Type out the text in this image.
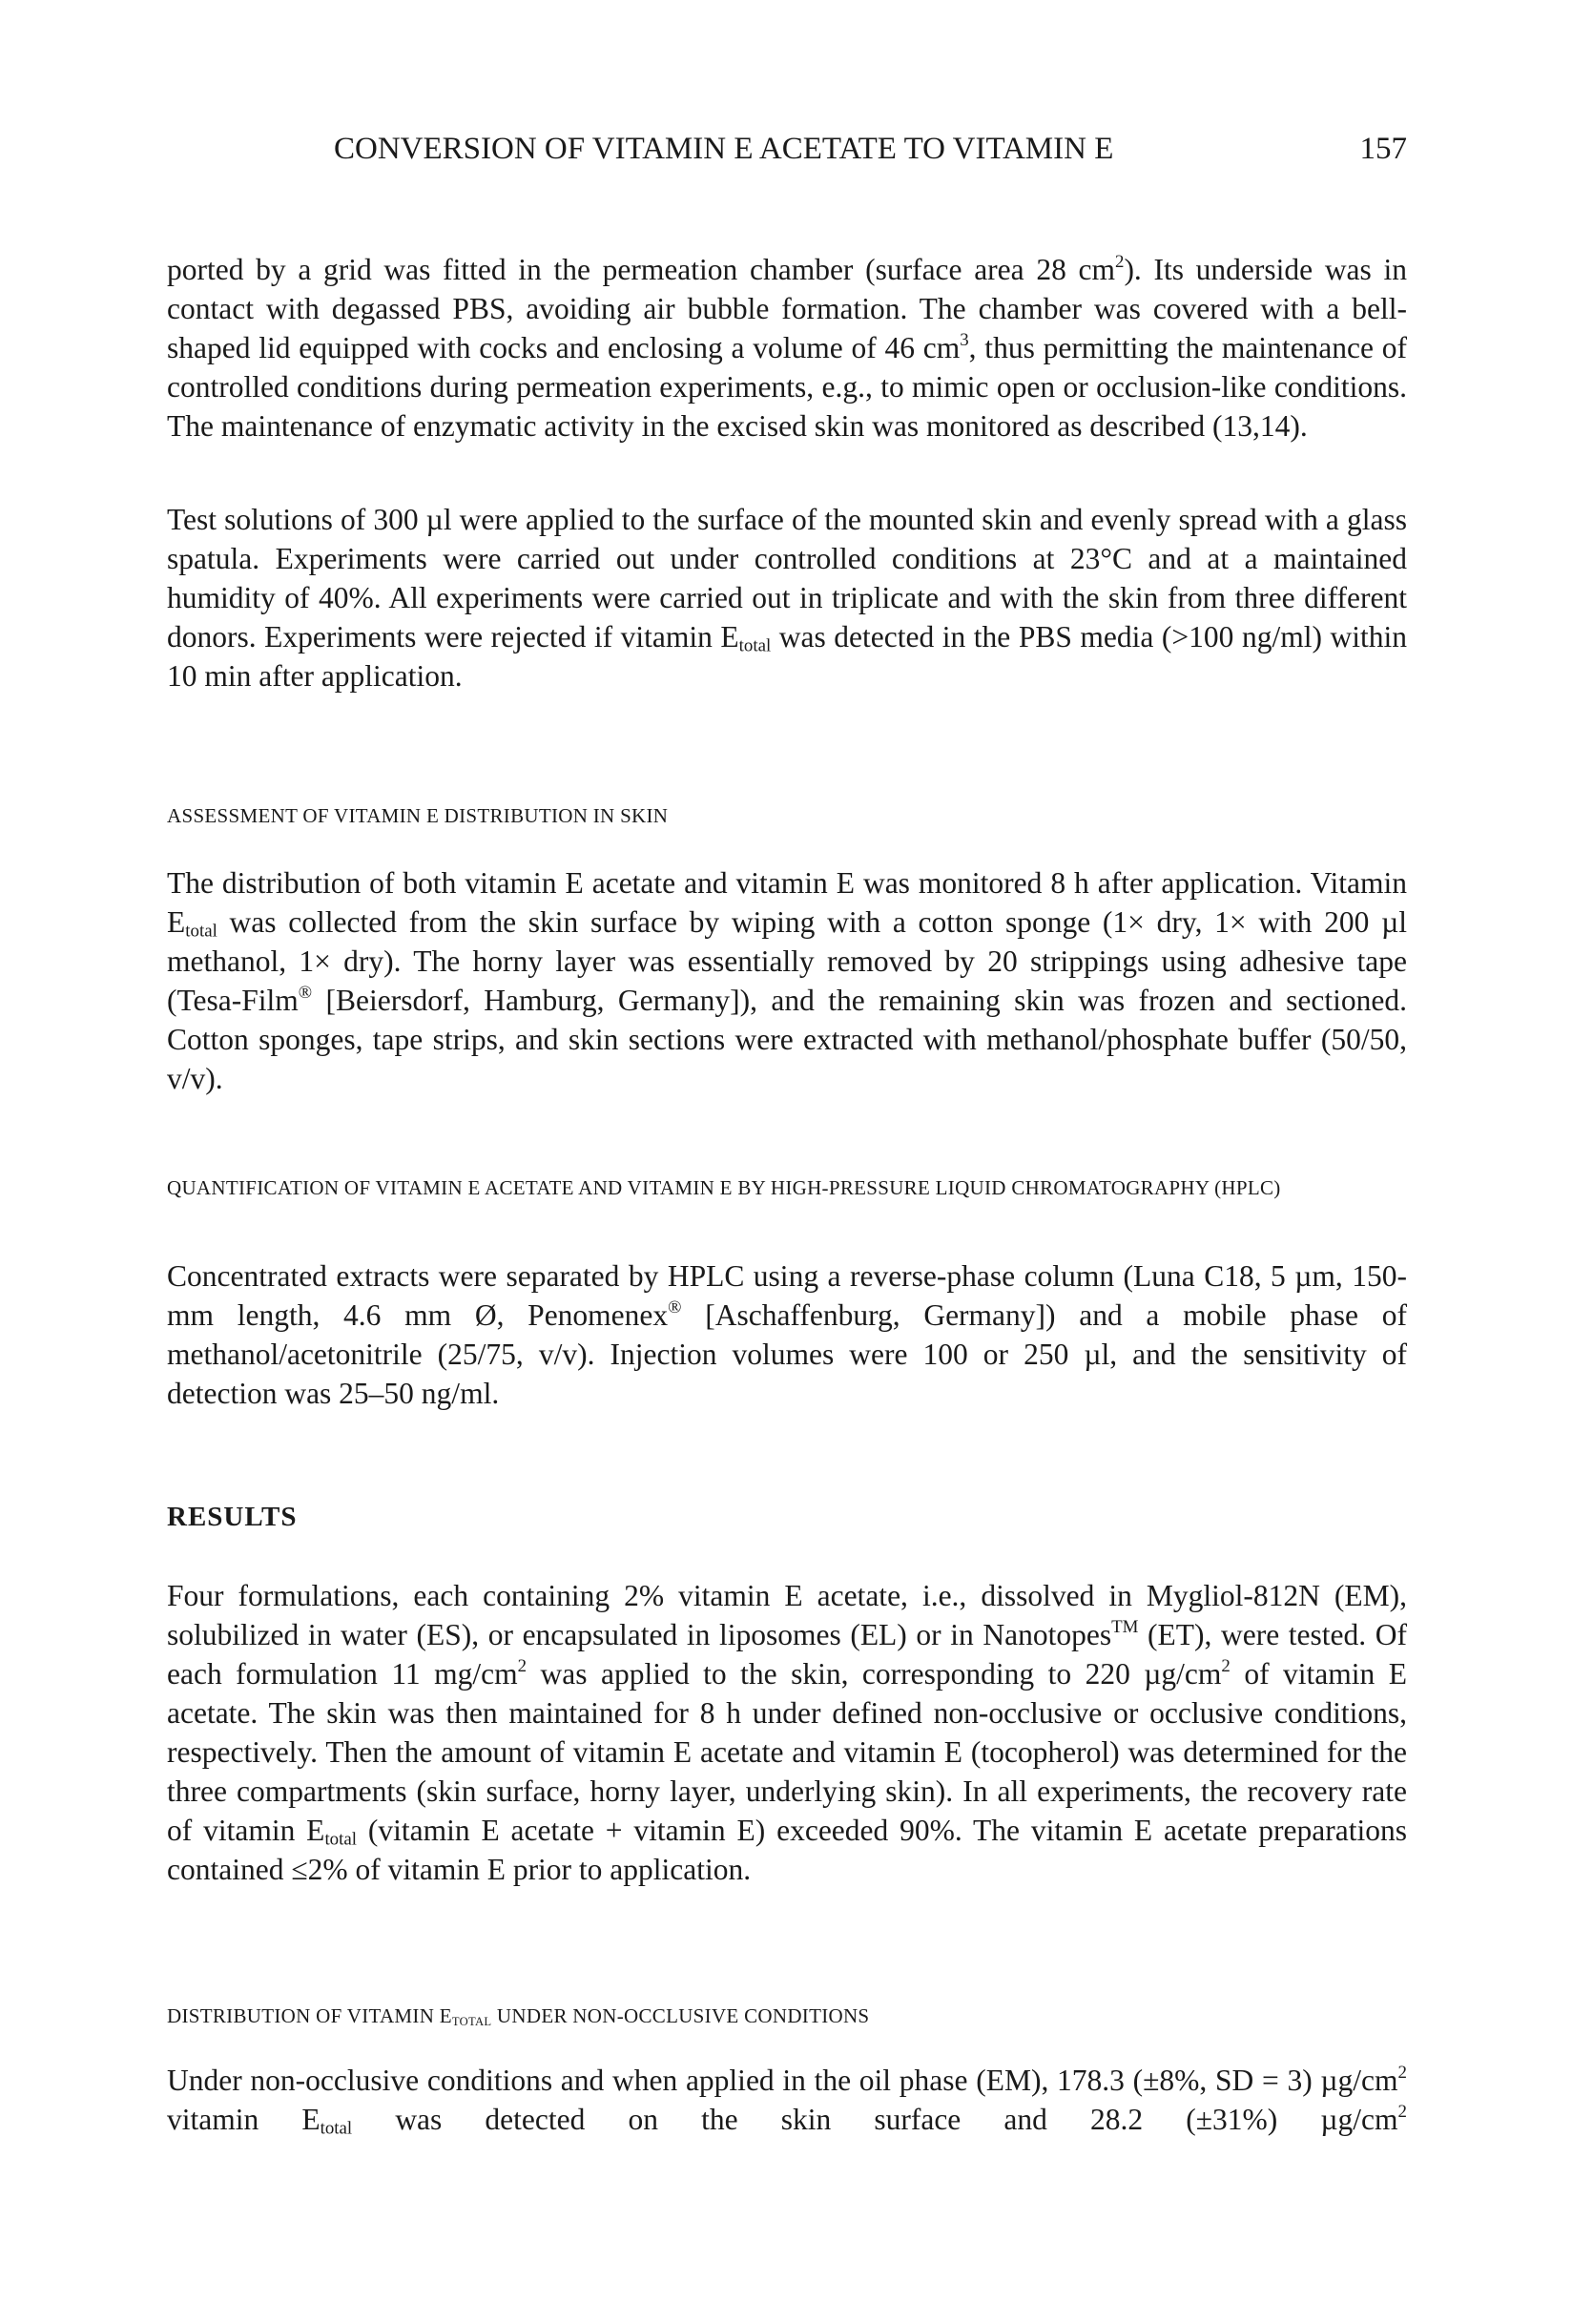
CONVERSION OF VITAMIN E ACETATE TO VITAMIN E	157
ported by a grid was fitted in the permeation chamber (surface area 28 $cm^2$). Its underside was in contact with degassed PBS, avoiding air bubble formation. The chamber was covered with a bell-shaped lid equipped with cocks and enclosing a volume of 46 $cm^3$, thus permitting the maintenance of controlled conditions during permeation experiments, e.g., to mimic open or occlusion-like conditions. The maintenance of enzymatic activity in the excised skin was monitored as described (13,14).
Test solutions of 300 µl were applied to the surface of the mounted skin and evenly spread with a glass spatula. Experiments were carried out under controlled conditions at 23°C and at a maintained humidity of 40%. All experiments were carried out in triplicate and with the skin from three different donors. Experiments were rejected if vitamin $E_{total}$ was detected in the PBS media (>100 ng/ml) within 10 min after application.
ASSESSMENT OF VITAMIN E DISTRIBUTION IN SKIN
The distribution of both vitamin E acetate and vitamin E was monitored 8 h after application. Vitamin $E_{total}$ was collected from the skin surface by wiping with a cotton sponge (1× dry, 1× with 200 µl methanol, 1× dry). The horny layer was essentially removed by 20 strippings using adhesive tape (Tesa-Film® [Beiersdorf, Hamburg, Germany]), and the remaining skin was frozen and sectioned. Cotton sponges, tape strips, and skin sections were extracted with methanol/phosphate buffer (50/50, v/v).
QUANTIFICATION OF VITAMIN E ACETATE AND VITAMIN E BY HIGH-PRESSURE LIQUID CHROMATOGRAPHY (HPLC)
Concentrated extracts were separated by HPLC using a reverse-phase column (Luna C18, 5 µm, 150-mm length, 4.6 mm Ø, Penomenex® [Aschaffenburg, Germany]) and a mobile phase of methanol/acetonitrile (25/75, v/v). Injection volumes were 100 or 250 µl, and the sensitivity of detection was 25–50 ng/ml.
RESULTS
Four formulations, each containing 2% vitamin E acetate, i.e., dissolved in Mygliol-812N (EM), solubilized in water (ES), or encapsulated in liposomes (EL) or in Nanotopes™ (ET), were tested. Of each formulation 11 $mg/cm^2$ was applied to the skin, corresponding to 220 $\mu g/cm^2$ of vitamin E acetate. The skin was then maintained for 8 h under defined non-occlusive or occlusive conditions, respectively. Then the amount of vitamin E acetate and vitamin E (tocopherol) was determined for the three compartments (skin surface, horny layer, underlying skin). In all experiments, the recovery rate of vitamin $E_{total}$ (vitamin E acetate + vitamin E) exceeded 90%. The vitamin E acetate preparations contained ≤2% of vitamin E prior to application.
DISTRIBUTION OF VITAMIN $E_{TOTAL}$ UNDER NON-OCCLUSIVE CONDITIONS
Under non-occlusive conditions and when applied in the oil phase (EM), 178.3 (±8%, SD = 3) $\mu g/cm^2$ vitamin $E_{total}$ was detected on the skin surface and 28.2 (±31%) $\mu g/cm^2$
